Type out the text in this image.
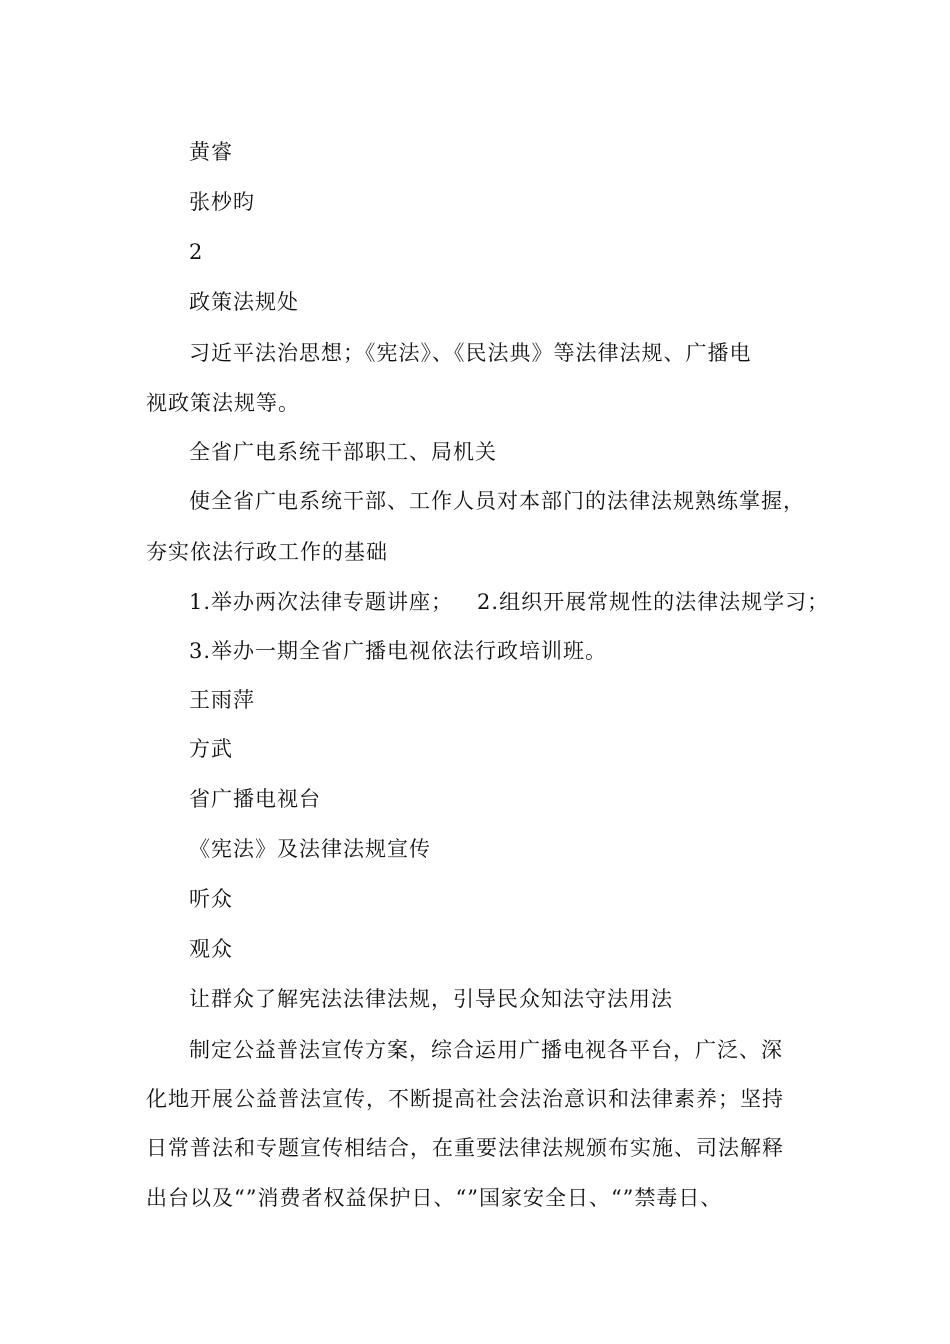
黄睿
张杪昀
2
政策法规处
习近平法治思想；《宪法》、《民法典》等法律法规、广播电
视政策法规等。
全省广电系统干部职工、局机关
使全省广电系统干部、工作人员对本部门的法律法规熟练掌握，
夯实依法行政工作的基础
1.举办两次法律专题讲座； 2.组织开展常规性的法律法规学习；
3.举办一期全省广播电视依法行政培训班。
王雨萍
方武
省广播电视台
《宪法》及法律法规宣传
听众
观众
让群众了解宪法法律法规，引导民众知法守法用法
制定公益普法宣传方案，综合运用广播电视各平台，广泛、深
化地开展公益普法宣传，不断提高社会法治意识和法律素养；坚持
日常普法和专题宣传相结合，在重要法律法规颁布实施、司法解释
出台以及“”消费者权益保护日、“”国家安全日、“”禁毒日、
